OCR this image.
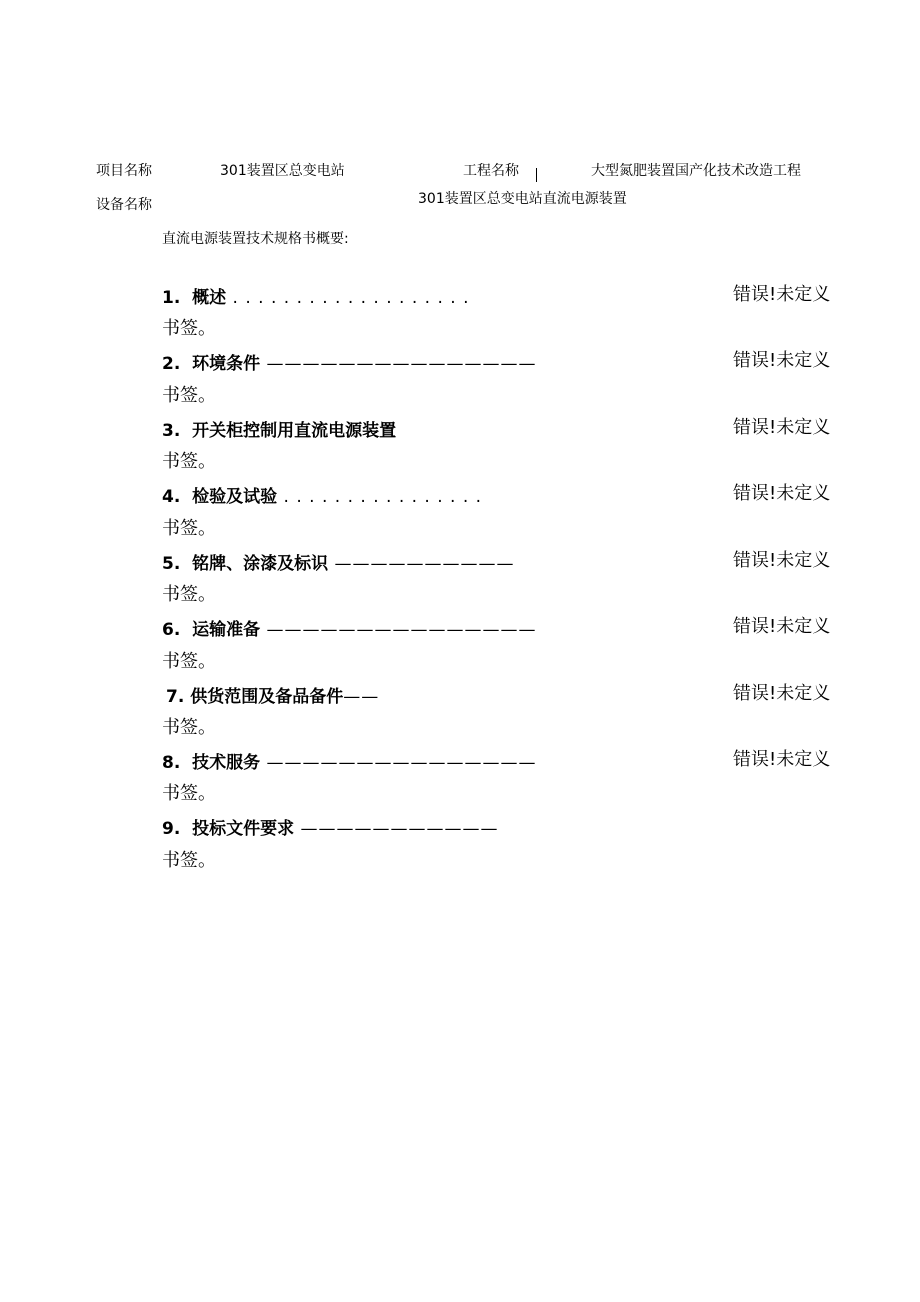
项目名称	301装置区总变电站	工程名称	大型氮肥装置国产化技术改造工程
设备名称	301装置区总变电站直流电源装置
直流电源装置技术规格书概要:
1. 概述 . . . . . . . . . . . . . . . . . . .	错误!未定义
书签。
2. 环境条件 ———————————————	错误!未定义
书签。
3. 开关柜控制用直流电源装置	错误!未定义
书签。
4. 检验及试验 . . . . . . . . . . . . . . . .	错误!未定义
书签。
5. 铭牌、涂漆及标识 ——————————	错误!未定义
书签。
6. 运输准备 ———————————————	错误!未定义
书签。
7. 供货范围及备品备件——	错误!未定义
书签。
8. 技术服务 ———————————————	错误!未定义
书签。
9. 投标文件要求 ———————————
书签。
